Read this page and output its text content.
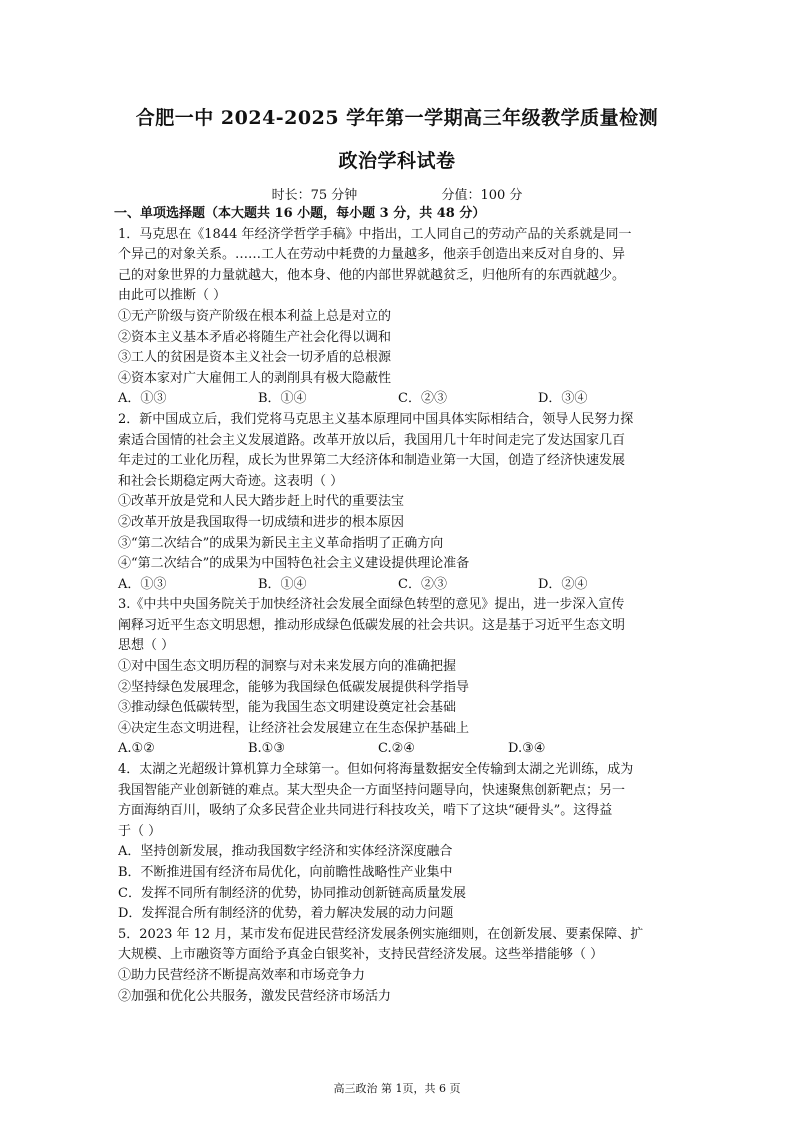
合肥一中 2024-2025 学年第一学期高三年级教学质量检测
政治学科试卷
时长：75 分钟	分值：100 分
一、单项选择题（本大题共 16 小题，每小题 3 分，共 48 分）
1．马克思在《1844 年经济学哲学手稿》中指出，工人同自己的劳动产品的关系就是同一
个异己的对象关系。……工人在劳动中耗费的力量越多，他亲手创造出来反对自身的、异
己的对象世界的力量就越大，他本身、他的内部世界就越贫乏，归他所有的东西就越少。
由此可以推断（ ）
①无产阶级与资产阶级在根本利益上总是对立的
②资本主义基本矛盾必将随生产社会化得以调和
③工人的贫困是资本主义社会一切矛盾的总根源
④资本家对广大雇佣工人的剥削具有极大隐蔽性
A．①③	B．①④	C．②③	D．③④
2．新中国成立后，我们党将马克思主义基本原理同中国具体实际相结合，领导人民努力探
索适合国情的社会主义发展道路。改革开放以后，我国用几十年时间走完了发达国家几百
年走过的工业化历程，成长为世界第二大经济体和制造业第一大国，创造了经济快速发展
和社会长期稳定两大奇迹。这表明（ ）
①改革开放是党和人民大踏步赶上时代的重要法宝
②改革开放是我国取得一切成绩和进步的根本原因
③“第二次结合”的成果为新民主主义革命指明了正确方向
④“第二次结合”的成果为中国特色社会主义建设提供理论准备
A．①③	B．①④	C．②③	D．②④
3.《中共中央国务院关于加快经济社会发展全面绿色转型的意见》提出，进一步深入宣传
阐释习近平生态文明思想，推动形成绿色低碳发展的社会共识。这是基于习近平生态文明
思想（ ）
①对中国生态文明历程的洞察与对未来发展方向的准确把握
②坚持绿色发展理念，能够为我国绿色低碳发展提供科学指导
③推动绿色低碳转型，能为我国生态文明建设奠定社会基础
④决定生态文明进程，让经济社会发展建立在生态保护基础上
A.①②	B.①③	C.②④	D.③④
4．太湖之光超级计算机算力全球第一。但如何将海量数据安全传输到太湖之光训练，成为
我国智能产业创新链的难点。某大型央企一方面坚持问题导向，快速聚焦创新靶点；另一
方面海纳百川，吸纳了众多民营企业共同进行科技攻关，啃下了这块“硬骨头”。这得益
于（ ）
A．坚持创新发展，推动我国数字经济和实体经济深度融合
B．不断推进国有经济布局优化，向前瞻性战略性产业集中
C．发挥不同所有制经济的优势，协同推动创新链高质量发展
D．发挥混合所有制经济的优势，着力解决发展的动力问题
5．2023 年 12 月，某市发布促进民营经济发展条例实施细则，在创新发展、要素保障、扩
大规模、上市融资等方面给予真金白银奖补，支持民营经济发展。这些举措能够（ ）
①助力民营经济不断提高效率和市场竞争力
②加强和优化公共服务，激发民营经济市场活力
高三政治 第 1页，共 6 页
